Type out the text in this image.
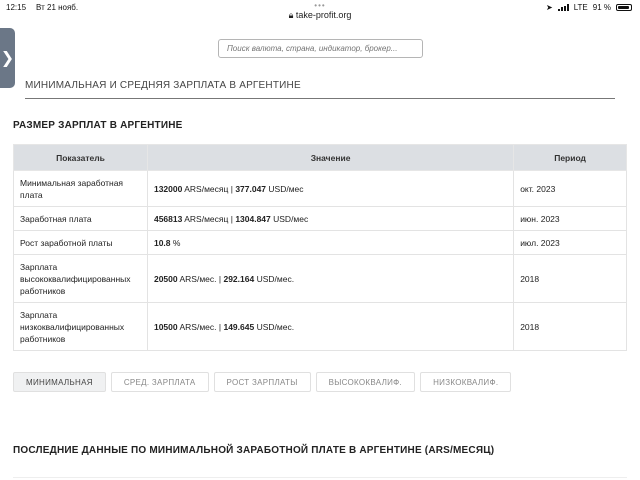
12:15 Вт 21 нояб.	•••	➤	LTE 91 %
🔒︎ take-profit.org
❯
Поиск валюта, страна, индикатор, брокер...
МИНИМАЛЬНАЯ И СРЕДНЯЯ ЗАРПЛАТА В АРГЕНТИНЕ
РАЗМЕР ЗАРПЛАТ В АРГЕНТИНЕ
Показатель	Значение	Период
Минимальная заработная плата	132000 ARS/месяц | 377.047 USD/мес	окт. 2023
Заработная плата	456813 ARS/месяц | 1304.847 USD/мес	июн. 2023
Рост заработной платы	10.8 %	июл. 2023
Зарплата высококвалифицированных работников	20500 ARS/мес. | 292.164 USD/мес.	2018
Зарплата низкоквалифицированных работников	10500 ARS/мес. | 149.645 USD/мес.	2018
МИНИМАЛЬНАЯ	СРЕД. ЗАРПЛАТА	РОСТ ЗАРПЛАТЫ	ВЫСОКОКВАЛИФ.	НИЗКОКВАЛИФ.
ПОСЛЕДНИЕ ДАННЫЕ ПО МИНИМАЛЬНОЙ ЗАРАБОТНОЙ ПЛАТЕ В АРГЕНТИНЕ (ARS/МЕСЯЦ)
